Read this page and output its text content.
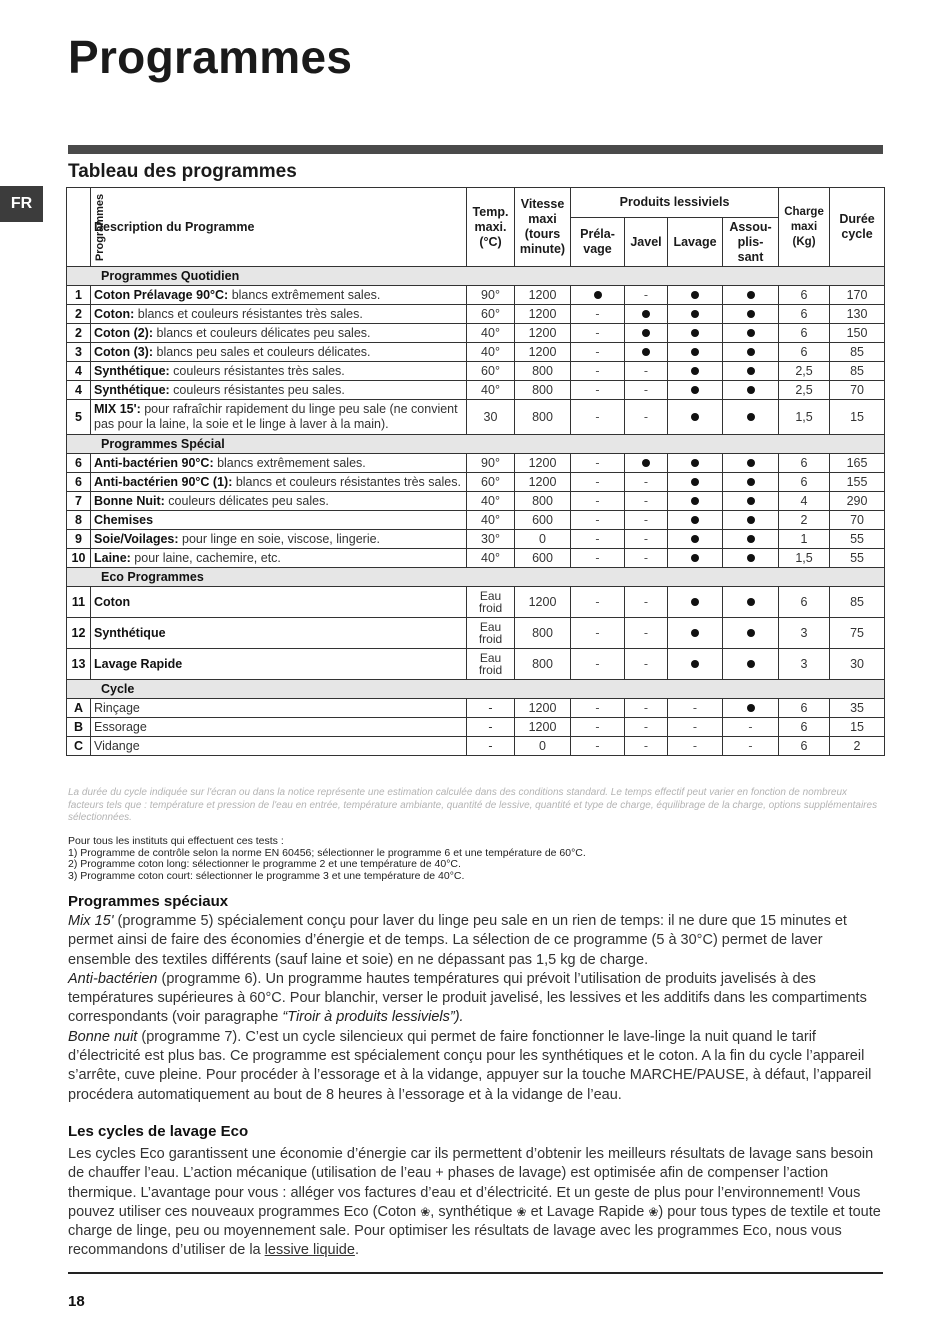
Programmes
FR
Tableau des programmes
Programmes	Description du Programme	Temp. maxi. (°C)	Vitesse maxi (tours minute)	Produits lessiviels				Charge maxi (Kg)	Durée cycle
				Préla- vage	Javel	Lavage	Assou- plis- sant		
Programmes Quotidien									
1	Coton Prélavage 90°C: blancs extrêmement sales.	90°	1200		-			6	170
2	Coton: blancs et couleurs résistantes très sales.	60°	1200	-				6	130
2	Coton (2): blancs et couleurs délicates peu sales.	40°	1200	-				6	150
3	Coton (3): blancs peu sales et couleurs délicates.	40°	1200	-				6	85
4	Synthétique: couleurs résistantes très sales.	60°	800	-	-			2,5	85
4	Synthétique: couleurs résistantes peu sales.	40°	800	-	-			2,5	70
5	MIX 15': pour rafraîchir rapidement du linge peu sale (ne convient pas pour la laine, la soie et le linge à laver à la main).	30	800	-	-			1,5	15
Programmes Spécial									
6	Anti-bactérien 90°C: blancs extrêmement sales.	90°	1200	-				6	165
6	Anti-bactérien 90°C (1): blancs et couleurs résistantes très sales.	60°	1200	-	-			6	155
7	Bonne Nuit: couleurs délicates peu sales.	40°	800	-	-			4	290
8	Chemises	40°	600	-	-			2	70
9	Soie/Voilages: pour linge en soie, viscose, lingerie.	30°	0	-	-			1	55
10	Laine: pour laine, cachemire, etc.	40°	600	-	-			1,5	55
Eco Programmes									
11	Coton	Eau froid	1200	-	-			6	85
12	Synthétique	Eau froid	800	-	-			3	75
13	Lavage Rapide	Eau froid	800	-	-			3	30
Cycle									
A	Rinçage	-	1200	-	-	-		6	35
B	Essorage	-	1200	-	-	-	-	6	15
C	Vidange	-	0	-	-	-	-	6	2
La durée du cycle indiquée sur l'écran ou dans la notice représente une estimation calculée dans des conditions standard. Le temps effectif peut varier en fonction de nombreux facteurs tels que : température et pression de l'eau en entrée, température ambiante, quantité de lessive, quantité et type de charge, équilibrage de la charge, options supplémentaires sélectionnées.
Pour tous les instituts qui effectuent ces tests :
1) Programme de contrôle selon la norme EN 60456; sélectionner le programme 6 et une température de 60°C.
2) Programme coton long: sélectionner le programme 2 et une température de 40°C.
3) Programme coton court: sélectionner le programme 3 et une température de 40°C.
Programmes spéciaux
Mix 15' (programme 5) spécialement conçu pour laver du linge peu sale en un rien de temps: il ne dure que 15 minutes et permet ainsi de faire des économies d’énergie et de temps. La sélection de ce programme (5 à 30°C) permet de laver ensemble des textiles différents (sauf laine et soie) en ne dépassant pas 1,5 kg de charge.
Anti-bactérien (programme 6). Un programme hautes températures qui prévoit l’utilisation de produits javelisés à des températures supérieures à 60°C. Pour blanchir, verser le produit javelisé, les lessives et les additifs dans les compartiments correspondants (voir paragraphe “Tiroir à produits lessiviels”).
Bonne nuit (programme 7). C’est un cycle silencieux qui permet de faire fonctionner le lave-linge la nuit quand le tarif d’électricité est plus bas. Ce programme est spécialement conçu pour les synthétiques et le coton. A la fin du cycle l’appareil s’arrête, cuve pleine. Pour procéder à l’essorage et à la vidange, appuyer sur la touche MARCHE/PAUSE, à défaut, l’appareil procédera automatiquement au bout de 8 heures à l’essorage et à la vidange de l’eau.
Les cycles de lavage Eco
Les cycles Eco garantissent une économie d’énergie car ils permettent d’obtenir les meilleurs résultats de lavage sans besoin de chauffer l’eau. L’action mécanique (utilisation de l’eau + phases de lavage) est optimisée afin de compenser l’action thermique. L’avantage pour vous : alléger vos factures d’eau et d’électricité. Et un geste de plus pour l’environnement! Vous pouvez utiliser ces nouveaux programmes Eco (Coton ❀, synthétique ❀ et Lavage Rapide ❀) pour tous types de textile et toute charge de linge, peu ou moyennement sale. Pour optimiser les résultats de lavage avec les programmes Eco, nous vous recommandons d’utiliser de la lessive liquide.
18
